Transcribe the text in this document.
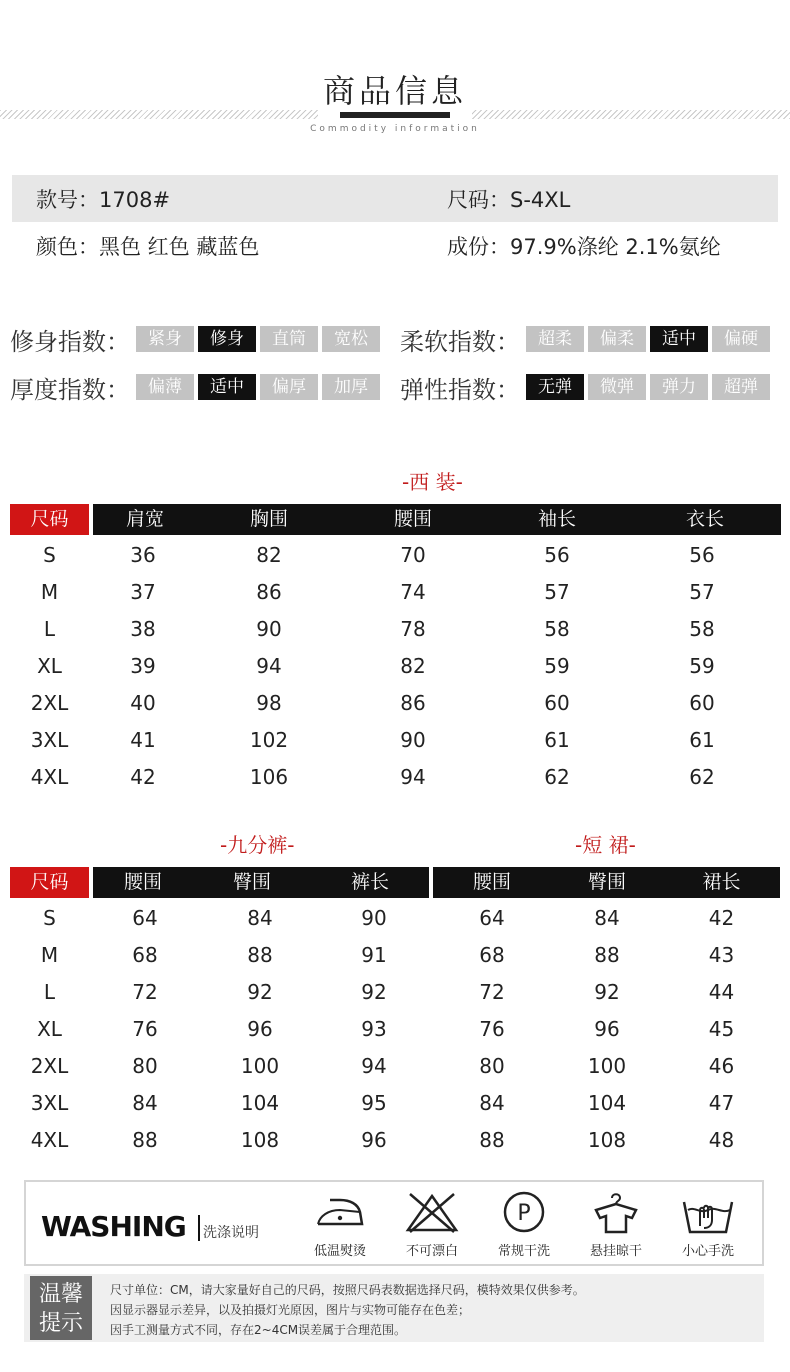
商品信息
Commodity information
款号：1708#	尺码：S-4XL
颜色：黑色 红色 藏蓝色	成份：97.9%涤纶 2.1%氨纶
修身指数：	紧身	修身	直筒	宽松	柔软指数：	超柔	偏柔	适中	偏硬
厚度指数：	偏薄	适中	偏厚	加厚	弹性指数：	无弹	微弹	弹力	超弹
-西 装-
尺码	肩宽	胸围	腰围	袖长	衣长
S	36	82	70	56	56
M	37	86	74	57	57
L	38	90	78	58	58
XL	39	94	82	59	59
2XL	40	98	86	60	60
3XL	41	102	90	61	61
4XL	42	106	94	62	62
-九分裤-	-短 裙-
尺码	腰围	臀围	裤长	腰围	臀围	裙长
S	64	84	90	64	84	42
M	68	88	91	68	88	43
L	72	92	92	72	92	44
XL	76	96	93	76	96	45
2XL	80	100	94	80	100	46
3XL	84	104	95	84	104	47
4XL	88	108	96	88	108	48
WASHING 洗涤说明
低温熨烫	不可漂白
P
常规干洗	悬挂晾干	小心手洗
温馨
提示
尺寸单位：CM，请大家量好自己的尺码，按照尺码表数据选择尺码，模特效果仅供参考。
因显示器显示差异，以及拍摄灯光原因，图片与实物可能存在色差；
因手工测量方式不同，存在2~4CM误差属于合理范围。
